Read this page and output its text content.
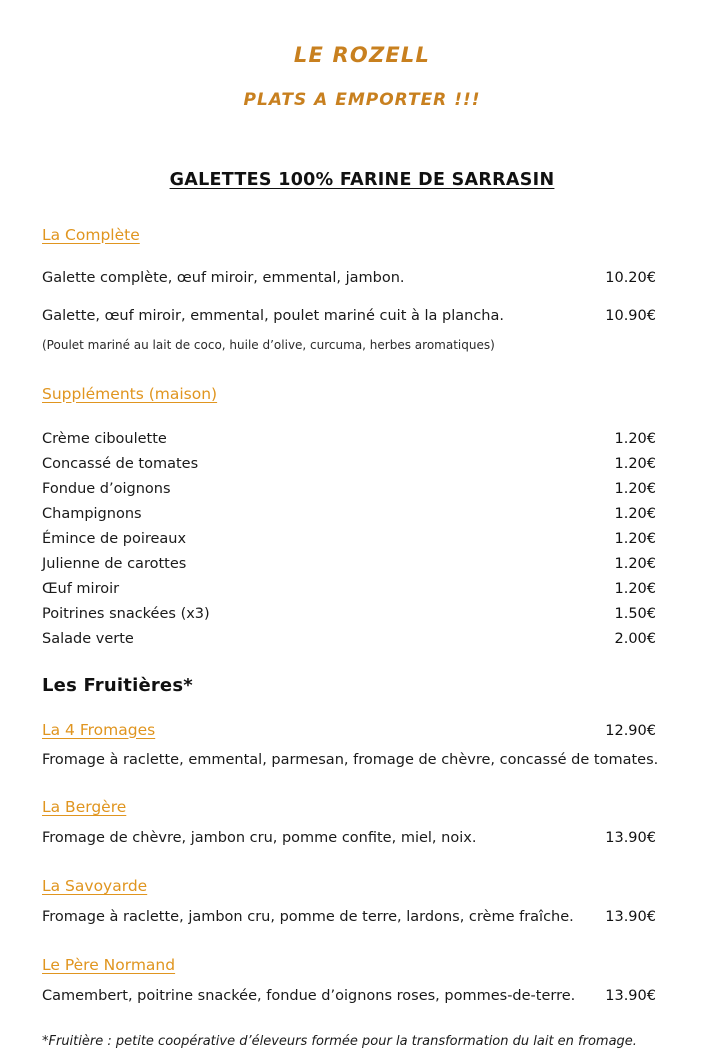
LE ROZELL
PLATS A EMPORTER !!!
GALETTES 100% FARINE DE SARRASIN
La Complète
Galette complète, œuf miroir, emmental, jambon.	10.20€
Galette, œuf miroir, emmental, poulet mariné cuit à la plancha.	10.90€
(Poulet mariné au lait de coco, huile d’olive, curcuma, herbes aromatiques)
Suppléments (maison)
Crème ciboulette	1.20€
Concassé de tomates	1.20€
Fondue d’oignons	1.20€
Champignons	1.20€
Émince de poireaux	1.20€
Julienne de carottes	1.20€
Œuf miroir	1.20€
Poitrines snackées (x3)	1.50€
Salade verte	2.00€
Les Fruitières*
La 4 Fromages	12.90€
Fromage à raclette, emmental, parmesan, fromage de chèvre, concassé de tomates.
La Bergère
Fromage de chèvre, jambon cru, pomme confite, miel, noix.	13.90€
La Savoyarde
Fromage à raclette, jambon cru, pomme de terre, lardons, crème fraîche.	13.90€
Le Père Normand
Camembert, poitrine snackée, fondue d’oignons roses, pommes-de-terre.	13.90€
*Fruitière : petite coopérative d’éleveurs formée pour la transformation du lait en fromage.
